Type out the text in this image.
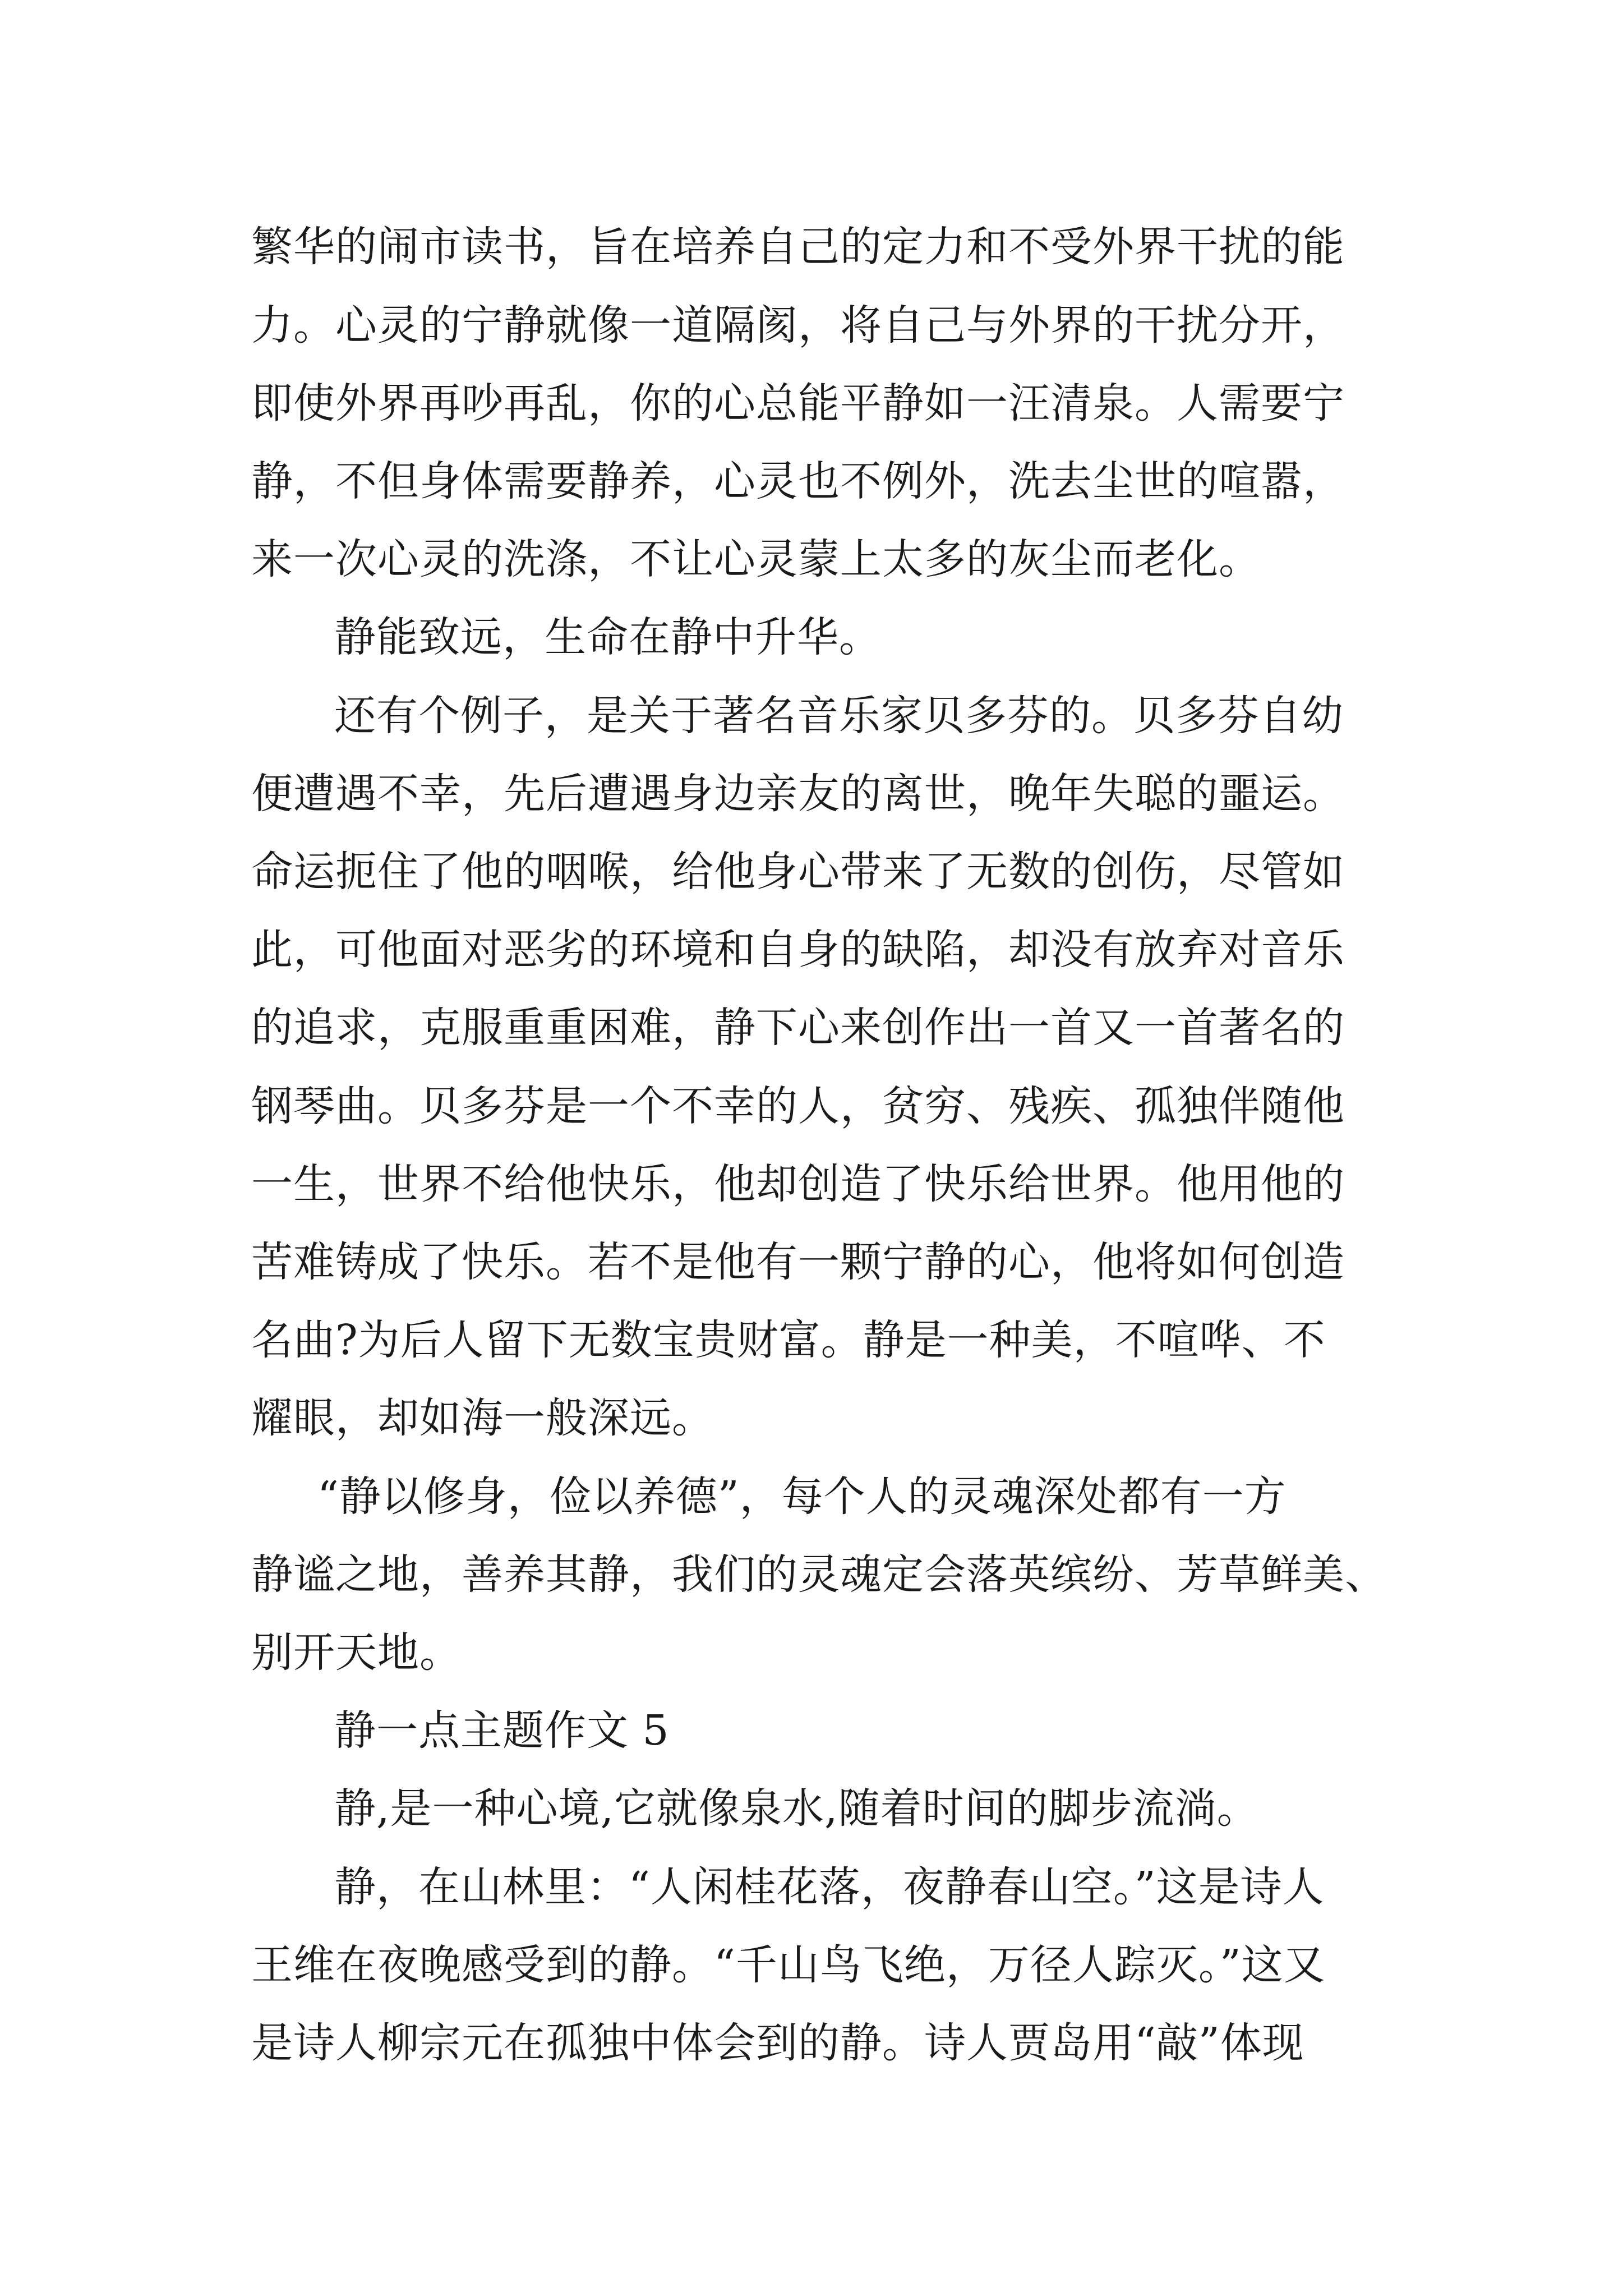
繁华的闹市读书，旨在培养自己的定力和不受外界干扰的能
力。心灵的宁静就像一道隔阂，将自己与外界的干扰分开，
即使外界再吵再乱，你的心总能平静如一汪清泉。人需要宁
静，不但身体需要静养，心灵也不例外，洗去尘世的喧嚣，
来一次心灵的洗涤，不让心灵蒙上太多的灰尘而老化。
静能致远，生命在静中升华。
还有个例子，是关于著名音乐家贝多芬的。贝多芬自幼
便遭遇不幸，先后遭遇身边亲友的离世，晚年失聪的噩运。
命运扼住了他的咽喉，给他身心带来了无数的创伤，尽管如
此，可他面对恶劣的环境和自身的缺陷，却没有放弃对音乐
的追求，克服重重困难，静下心来创作出一首又一首著名的
钢琴曲。贝多芬是一个不幸的人，贫穷、残疾、孤独伴随他
一生，世界不给他快乐，他却创造了快乐给世界。他用他的
苦难铸成了快乐。若不是他有一颗宁静的心，他将如何创造
名曲?为后人留下无数宝贵财富。静是一种美，不喧哗、不
耀眼，却如海一般深远。
“静以修身，俭以养德”，每个人的灵魂深处都有一方
静谧之地，善养其静，我们的灵魂定会落英缤纷、芳草鲜美、
别开天地。
静一点主题作文 5
静,是一种心境,它就像泉水,随着时间的脚步流淌。
静，在山林里：“人闲桂花落，夜静春山空。”这是诗人
王维在夜晚感受到的静。“千山鸟飞绝，万径人踪灭。”这又
是诗人柳宗元在孤独中体会到的静。诗人贾岛用“敲”体现
